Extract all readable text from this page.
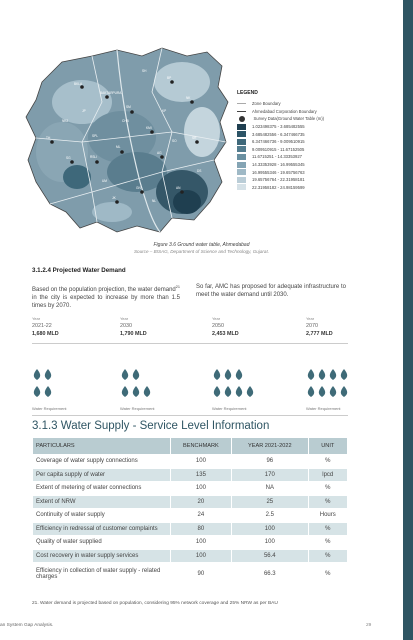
BKLA
BAKTARPURA
SM
KMI
ML
RSLI
SG
AG
AN
GN
NK
SR
TH
JK
BP
JP
CHB
KP
UM
NL
NK2
SH
DS
SO
SPL
LEGEND
Zone Boundary
Ahmedabad Corporation Boundary
Survey Data(Ground Water Table (m))
1.023498375 - 3.685482555
3.685482556 - 6.347466735
6.347466736 - 9.009510915
9.009510915 - 11.67152505
11.6715251 - 14.33353927
14.33353928 - 16.99555345
16.99555346 - 19.65756763
19.65756764 - 22.31958181
22.31958182 - 24.98159599
Figure 3.6 Ground water table, Ahmedabad
Source – BISAG, Department of Science and Technology, Gujarat.
3.1.2.4 Projected Water Demand
Based on the population projection, the water demand$^{21}$ in the city is expected to increase by more than 1.5 times by 2070.
So far, AMC has proposed for adequate infrastructure to meet the water demand until 2030.
Year
2021-22
1,680 MLD
Water Requirement
Year
2030
1,790 MLD
Water Requirement
Year
2050
2,453 MLD
Water Requirement
Year
2070
2,777 MLD
Water Requirement
3.1.3 Water Supply - Service Level Information
PARTICULARS	BENCHMARK	YEAR 2021-2022	UNIT
Coverage of water supply connections	100	96	%
Per capita supply of water	135	170	lpcd
Extent of metering of water connections	100	NA	%
Extent of NRW	20	25	%
Continuity of water supply	24	2.5	Hours
Efficiency in redressal of customer complaints	80	100	%
Quality of water supplied	100	100	%
Cost recovery in water supply services	100	56.4	%
Efficiency in collection of water supply - related charges	90	66.3	%
21. Water demand is projected based on population, considering 95% network coverage and 25% NRW as per BAU
an System Gap Analysis.	29
